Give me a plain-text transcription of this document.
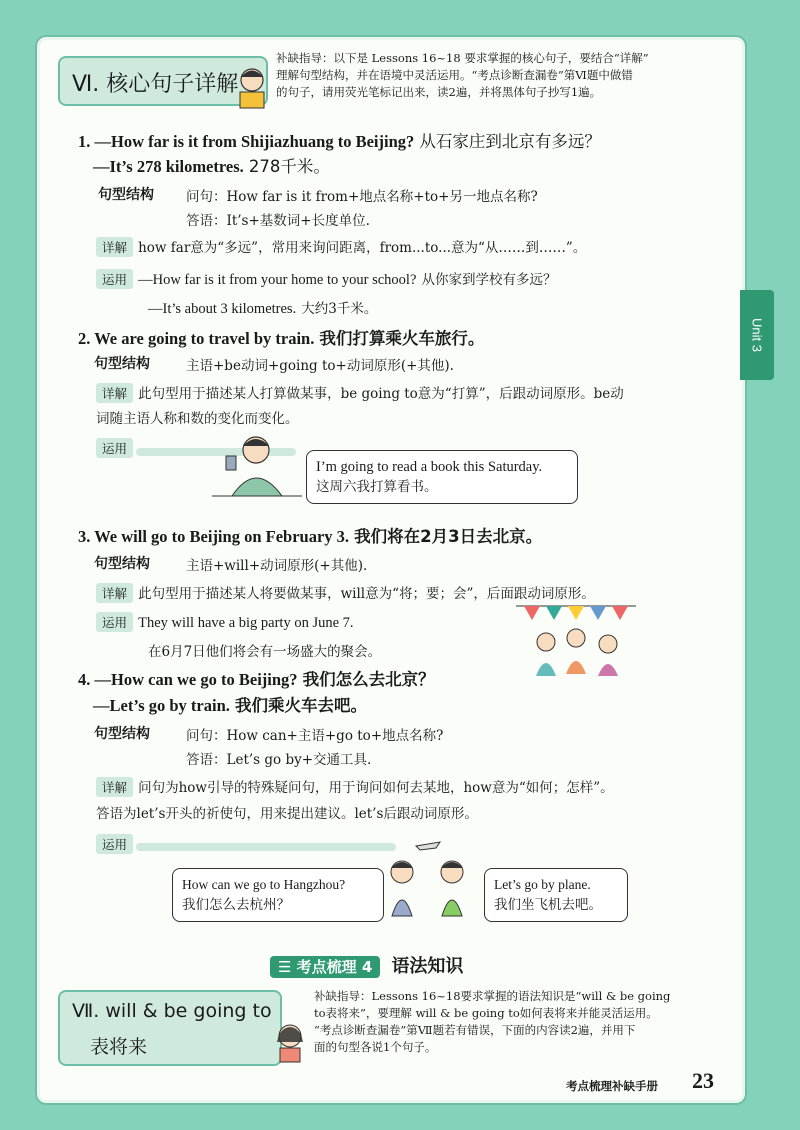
Unit 3
Ⅵ. 核心句子详解
补缺指导：以下是 Lessons 16~18 要求掌握的核心句子，要结合“详解”
理解句型结构，并在语境中灵活运用。“考点诊断查漏卷”第Ⅵ题中做错
的句子，请用荧光笔标记出来，读2遍，并将黑体句子抄写1遍。
1. —How far is it from Shijiazhuang to Beijing? 从石家庄到北京有多远？
—It’s 278 kilometres. 278千米。
句型结构 问句：How far is it from+地点名称+to+另一地点名称?
答语：It’s+基数词+长度单位.
详解 how far意为“多远”，常用来询问距离，from...to...意为“从……到……”。
运用 —How far is it from your home to your school? 从你家到学校有多远？
—It’s about 3 kilometres. 大约3千米。
2. We are going to travel by train. 我们打算乘火车旅行。
句型结构	主语+be动词+going to+动词原形(+其他).
详解 此句型用于描述某人打算做某事，be going to意为“打算”，后跟动词原形。be动
词随主语人称和数的变化而变化。
运用
I’m going to read a book this Saturday.
这周六我打算看书。
3. We will go to Beijing on February 3. 我们将在2月3日去北京。
句型结构	主语+will+动词原形(+其他).
详解 此句型用于描述某人将要做某事，will意为“将；要；会”，后面跟动词原形。
运用 They will have a big party on June 7.
在6月7日他们将会有一场盛大的聚会。
4. —How can we go to Beijing? 我们怎么去北京？
—Let’s go by train. 我们乘火车去吧。
句型结构	问句：How can+主语+go to+地点名称?
答语：Let’s go by+交通工具.
详解 问句为how引导的特殊疑问句，用于询问如何去某地，how意为“如何；怎样”。
答语为let’s开头的祈使句，用来提出建议。let’s后跟动词原形。
运用
How can we go to Hangzhou?
我们怎么去杭州？
Let’s go by plane.
我们坐飞机去吧。
☰ 考点梳理 4 语法知识
Ⅶ. will & be going to
表将来
补缺指导：Lessons 16~18要求掌握的语法知识是“will & be going
to表将来”，要理解 will & be going to如何表将来并能灵活运用。
“考点诊断查漏卷”第Ⅶ题若有错误，下面的内容读2遍，并用下
面的句型各说1个句子。
考点梳理补缺手册 23
